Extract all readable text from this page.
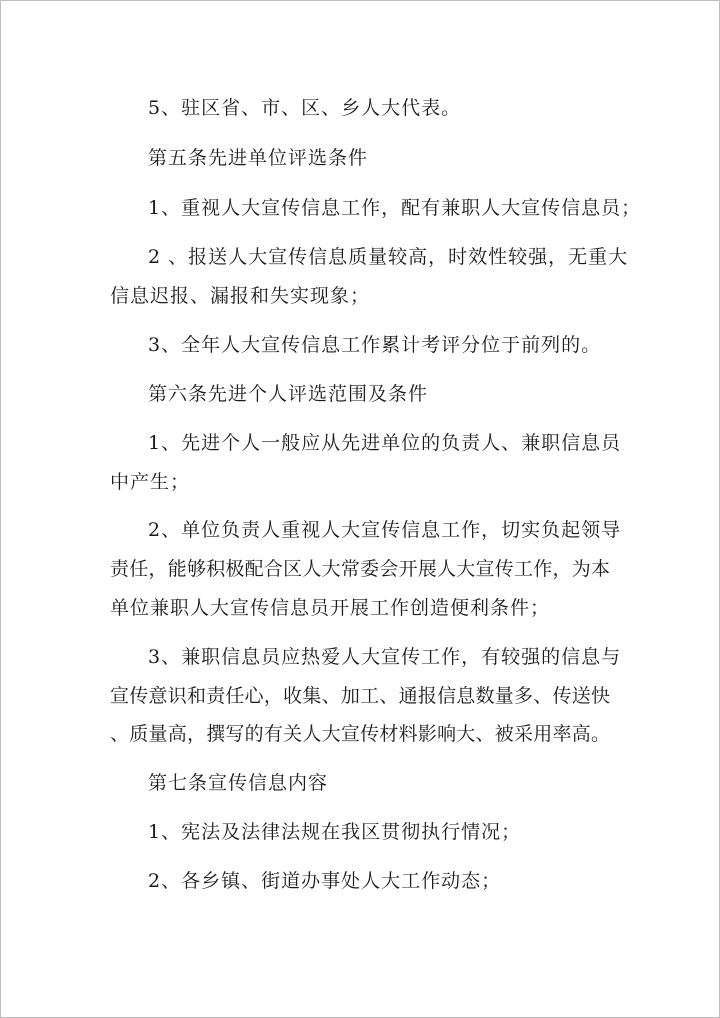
5、驻区省、市、区、乡人大代表。
第五条先进单位评选条件
1、重视人大宣传信息工作，配有兼职人大宣传信息员；
2 、报送人大宣传信息质量较高，时效性较强，无重大
信息迟报、漏报和失实现象；
3、全年人大宣传信息工作累计考评分位于前列的。
第六条先进个人评选范围及条件
1、先进个人一般应从先进单位的负责人、兼职信息员
中产生；
2、单位负责人重视人大宣传信息工作，切实负起领导
责任，能够积极配合区人大常委会开展人大宣传工作，为本
单位兼职人大宣传信息员开展工作创造便利条件；
3、兼职信息员应热爱人大宣传工作，有较强的信息与
宣传意识和责任心，收集、加工、通报信息数量多、传送快
、质量高，撰写的有关人大宣传材料影响大、被采用率高。
第七条宣传信息内容
1、宪法及法律法规在我区贯彻执行情况；
2、各乡镇、街道办事处人大工作动态；
